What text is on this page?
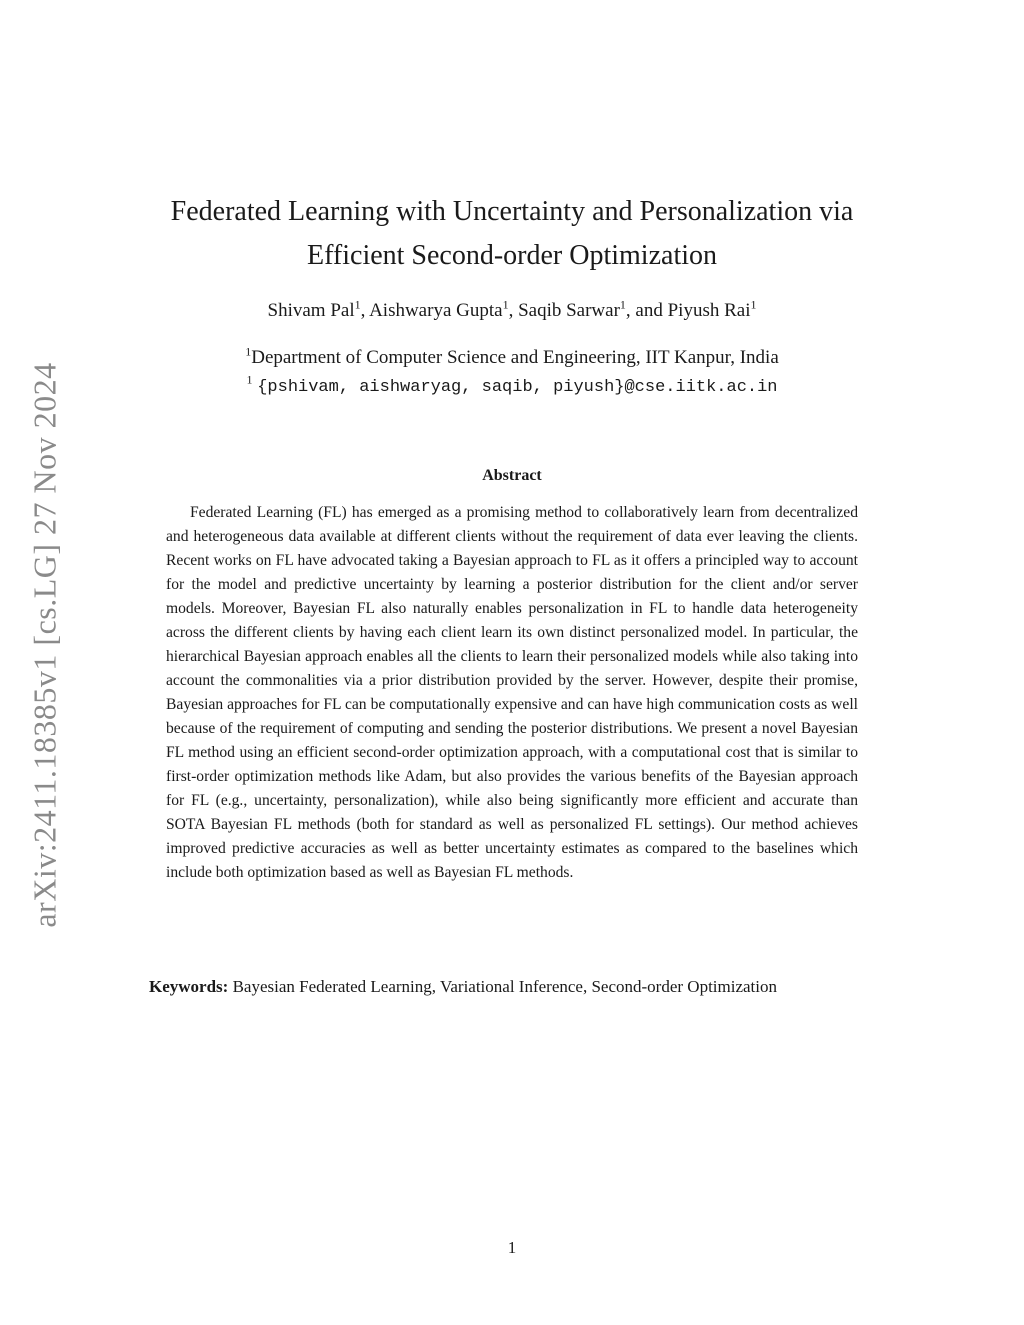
arXiv:2411.18385v1 [cs.LG] 27 Nov 2024
Federated Learning with Uncertainty and Personalization via
Efficient Second-order Optimization
Shivam Pal$^1$, Aishwarya Gupta$^1$, Saqib Sarwar$^1$, and Piyush Rai$^1$
$^1$Department of Computer Science and Engineering, IIT Kanpur, India
$^1$ {pshivam, aishwaryag, saqib, piyush}@cse.iitk.ac.in
Abstract
Federated Learning (FL) has emerged as a promising method to collaboratively learn from decentralized and heterogeneous data available at different clients without the requirement of data ever leaving the clients. Recent works on FL have advocated taking a Bayesian approach to FL as it offers a principled way to account for the model and predictive uncertainty by learning a posterior distribution for the client and/or server models. Moreover, Bayesian FL also naturally enables personalization in FL to handle data heterogeneity across the different clients by having each client learn its own distinct personalized model. In particular, the hierarchical Bayesian approach enables all the clients to learn their personalized models while also taking into account the commonalities via a prior distribution provided by the server. However, despite their promise, Bayesian approaches for FL can be computationally expensive and can have high communication costs as well because of the requirement of computing and sending the posterior distributions. We present a novel Bayesian FL method using an efficient second-order optimization approach, with a computational cost that is similar to first-order optimization methods like Adam, but also provides the various benefits of the Bayesian approach for FL (e.g., uncertainty, personalization), while also being significantly more efficient and accurate than SOTA Bayesian FL methods (both for standard as well as personalized FL settings). Our method achieves improved predictive accuracies as well as better uncertainty estimates as compared to the baselines which include both optimization based as well as Bayesian FL methods.
Keywords: Bayesian Federated Learning, Variational Inference, Second-order Optimization
1
